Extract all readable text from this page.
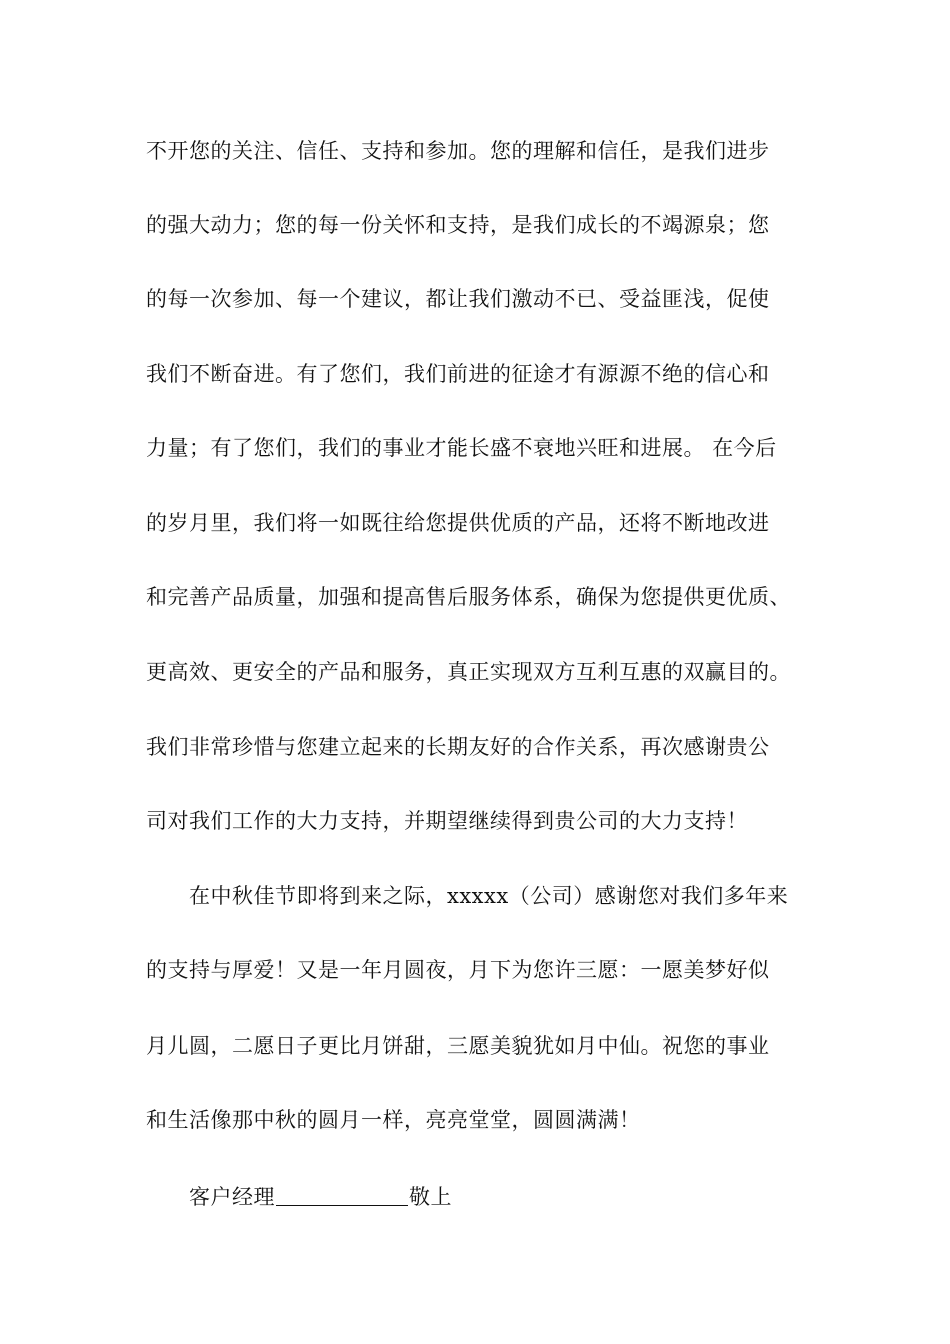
不开您的关注、信任、支持和参加。您的理解和信任，是我们进步
的强大动力；您的每一份关怀和支持，是我们成长的不竭源泉；您
的每一次参加、每一个建议，都让我们激动不已、受益匪浅，促使
我们不断奋进。有了您们，我们前进的征途才有源源不绝的信心和
力量；有了您们，我们的事业才能长盛不衰地兴旺和进展。 在今后
的岁月里，我们将一如既往给您提供优质的产品，还将不断地改进
和完善产品质量，加强和提高售后服务体系，确保为您提供更优质、
更高效、更安全的产品和服务，真正实现双方互利互惠的双赢目的。
我们非常珍惜与您建立起来的长期友好的合作关系，再次感谢贵公
司对我们工作的大力支持，并期望继续得到贵公司的大力支持！
在中秋佳节即将到来之际，xxxxx（公司）感谢您对我们多年来
的支持与厚爱！又是一年月圆夜，月下为您许三愿：一愿美梦好似
月儿圆，二愿日子更比月饼甜，三愿美貌犹如月中仙。祝您的事业
和生活像那中秋的圆月一样，亮亮堂堂，圆圆满满！
客户经理	敬上
